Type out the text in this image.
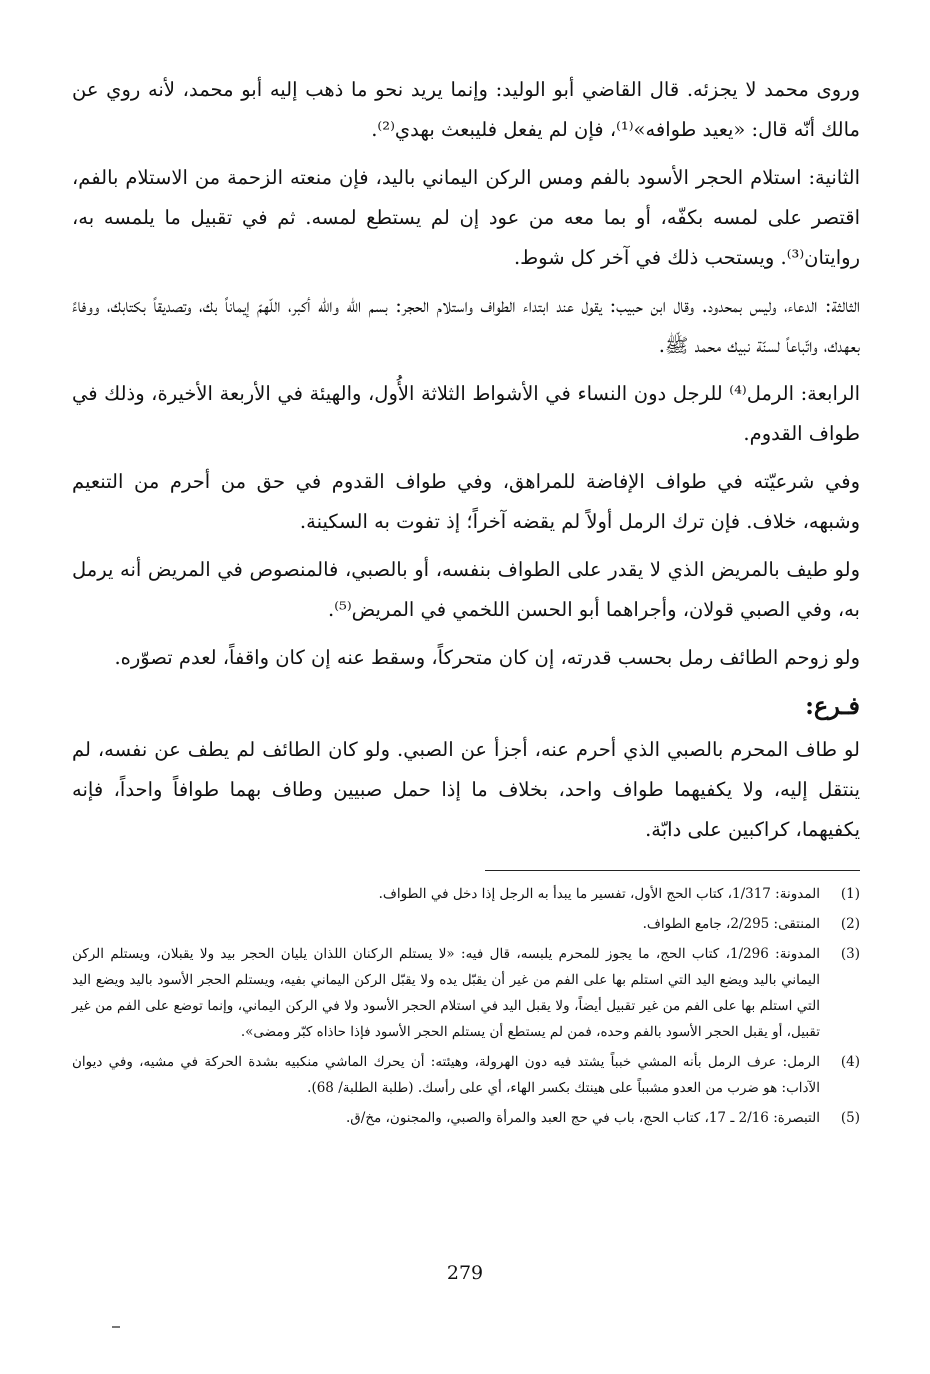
وروى محمد لا يجزئه. قال القاضي أبو الوليد: وإنما يريد نحو ما ذهب إليه أبو محمد، لأنه روي عن مالك أنّه قال: «يعيد طوافه»⁽¹⁾، فإن لم يفعل فليبعث بهدي⁽²⁾.

الثانية: استلام الحجر الأسود بالفم ومس الركن اليماني باليد، فإن منعته الزحمة من الاستلام بالفم، اقتصر على لمسه بكفّه، أو بما معه من عود إن لم يستطع لمسه. ثم في تقبيل ما يلمسه به، روايتان⁽³⁾. ويستحب ذلك في آخر كل شوط.

الثالثة: الدعاء، وليس بمحدود. وقال ابن حبيب: يقول عند ابتداء الطواف واستلام الحجر: بسم الله والله أكبر، اللّهمّ إيماناً بك، وتصديقاً بكتابك، ووفاءً بعهدك، واتّباعاً لسنّة نبيك محمد ﷺ.

الرابعة: الرمل⁽⁴⁾ للرجل دون النساء في الأشواط الثلاثة الأُول، والهيئة في الأربعة الأخيرة، وذلك في طواف القدوم.

وفي شرعيّته في طواف الإفاضة للمراهق، وفي طواف القدوم في حق من أحرم من التنعيم وشبهه، خلاف. فإن ترك الرمل أولاً لم يقضه آخراً؛ إذ تفوت به السكينة.

ولو طيف بالمريض الذي لا يقدر على الطواف بنفسه، أو بالصبي، فالمنصوص في المريض أنه يرمل به، وفي الصبي قولان، وأجراهما أبو الحسن اللخمي في المريض⁽⁵⁾.

ولو زوحم الطائف رمل بحسب قدرته، إن كان متحركاً، وسقط عنه إن كان واقفاً، لعدم تصوّره.

فـرع:

لو طاف المحرم بالصبي الذي أحرم عنه، أجزأ عن الصبي. ولو كان الطائف لم يطف عن نفسه، لم ينتقل إليه، ولا يكفيهما طواف واحد، بخلاف ما إذا حمل صبيين وطاف بهما طوافاً واحداً، فإنه يكفيهما، كراكبين على دابّة.

(1)
المدونة: 1/317، كتاب الحج الأول، تفسير ما يبدأ به الرجل إذا دخل في الطواف.
(2)
المنتقى: 2/295، جامع الطواف.
(3)
المدونة: 1/296، كتاب الحج، ما يجوز للمحرم يلبسه، قال فيه: «لا يستلم الركنان اللذان يليان الحجر بيد ولا يقبلان، ويستلم الركن اليماني باليد ويضع اليد التي استلم بها على الفم من غير أن يقبّل يده ولا يقبّل الركن اليماني بفيه، ويستلم الحجر الأسود باليد ويضع اليد التي استلم بها على الفم من غير تقبيل أيضاً، ولا يقبل اليد في استلام الحجر الأسود ولا في الركن اليماني، وإنما توضع على الفم من غير تقبيل، أو يقبل الحجر الأسود بالفم وحده، فمن لم يستطع أن يستلم الحجر الأسود فإذا حاذاه كبّر ومضى».
(4)
الرمل: عرف الرمل بأنه المشي خبباً يشتد فيه دون الهرولة، وهيئته: أن يحرك الماشي منكبيه بشدة الحركة في مشيه، وفي ديوان الآداب: هو ضرب من العدو مشبباً على هينتك بكسر الهاء، أي على رأسك. (طلبة الطلبة/ 68).
(5)
التبصرة: 2/16 ـ 17، كتاب الحج، باب في حج العبد والمرأة والصبي، والمجنون، مخ/ق.
279
